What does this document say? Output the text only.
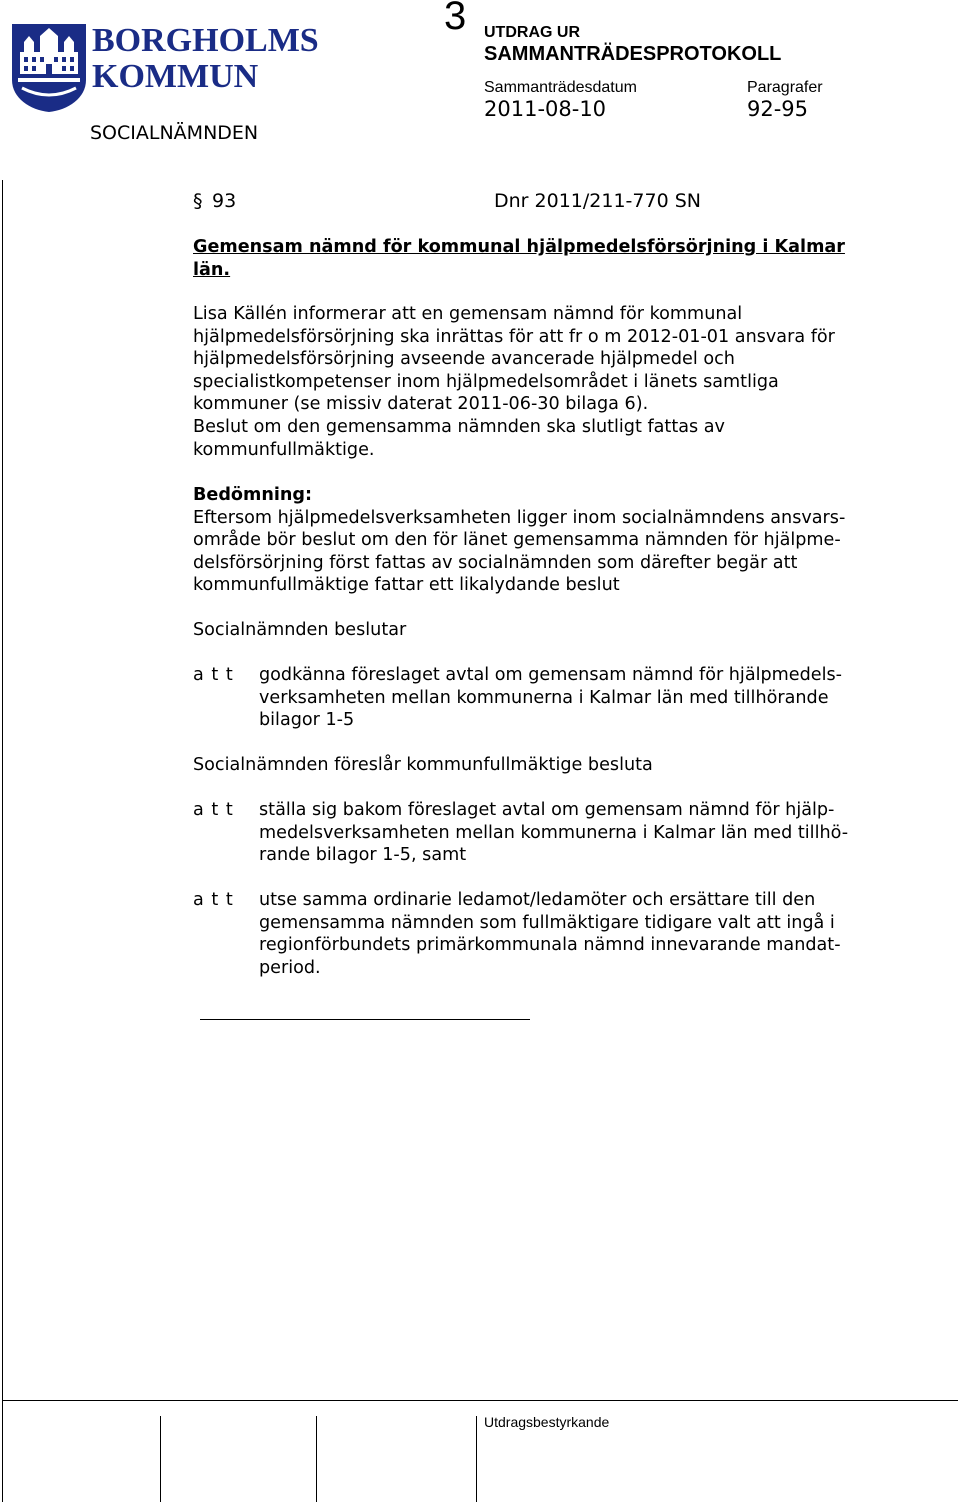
BORGHOLMS
KOMMUN
SOCIALNÄMNDEN
3 UTDRAG UR
SAMMANTRÄDESPROTOKOLL
Sammanträdesdatum	Paragrafer
2011-08-10	92-95
Utdragsbestyrkande
§ 93	Dnr 2011/211-770 SN
Gemensam nämnd för kommunal hjälpmedelsförsörjning i Kalmar
län.
Lisa Källén informerar att en gemensam nämnd för kommunal
hjälpmedelsförsörjning ska inrättas för att fr o m 2012-01-01 ansvara för
hjälpmedelsförsörjning avseende avancerade hjälpmedel och
specialistkompetenser inom hjälpmedelsområdet i länets samtliga
kommuner (se missiv daterat 2011-06-30 bilaga 6).
Beslut om den gemensamma nämnden ska slutligt fattas av
kommunfullmäktige.
Bedömning:
Eftersom hjälpmedelsverksamheten ligger inom socialnämndens ansvars-
område bör beslut om den för länet gemensamma nämnden för hjälpme-
delsförsörjning först fattas av socialnämnden som därefter begär att
kommunfullmäktige fattar ett likalydande beslut
Socialnämnden beslutar
a t t godkänna föreslaget avtal om gemensam nämnd för hjälpmedels-
verksamheten mellan kommunerna i Kalmar län med tillhörande
bilagor 1-5
Socialnämnden föreslår kommunfullmäktige besluta
a t t ställa sig bakom föreslaget avtal om gemensam nämnd för hjälp-
medelsverksamheten mellan kommunerna i Kalmar län med tillhö-
rande bilagor 1-5, samt
a t t utse samma ordinarie ledamot/ledamöter och ersättare till den
gemensamma nämnden som fullmäktigare tidigare valt att ingå i
regionförbundets primärkommunala nämnd innevarande mandat-
period.
